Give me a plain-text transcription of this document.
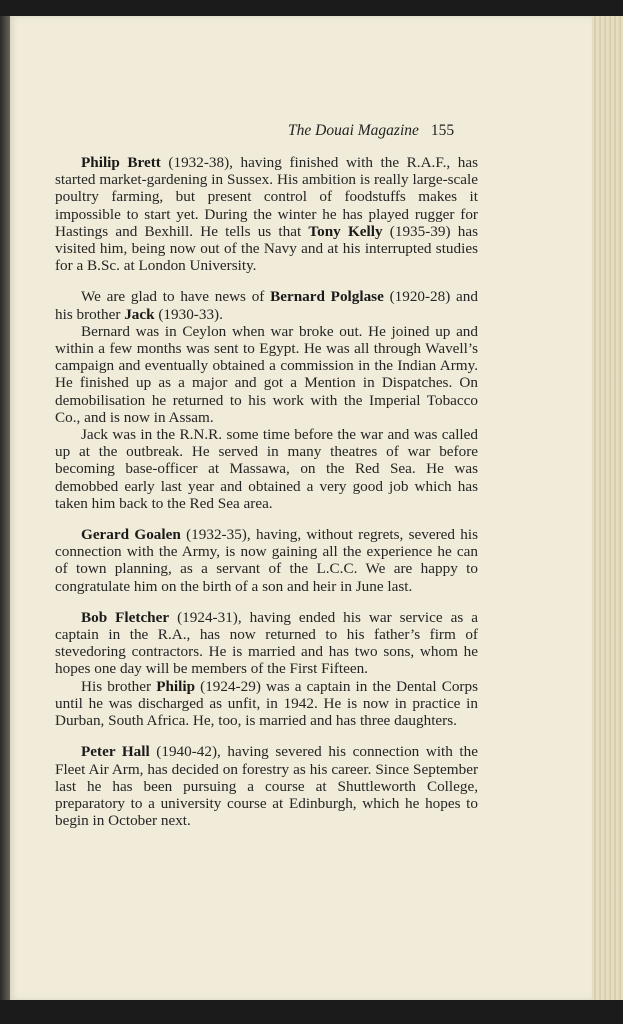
The Douai Magazine 155

Philip Brett (1932-38), having finished with the R.A.F., has started market-gardening in Sussex. His ambition is really large-scale poultry farming, but present control of foodstuffs makes it impossible to start yet. During the winter he has played rugger for Hastings and Bexhill. He tells us that Tony Kelly (1935-39) has visited him, being now out of the Navy and at his interrupted studies for a B.Sc. at London University.

We are glad to have news of Bernard Polglase (1920-28) and his brother Jack (1930-33).

Bernard was in Ceylon when war broke out. He joined up and within a few months was sent to Egypt. He was all through Wavell’s campaign and eventually obtained a commission in the Indian Army. He finished up as a major and got a Mention in Dispatches. On demobilisation he returned to his work with the Imperial Tobacco Co., and is now in Assam.

Jack was in the R.N.R. some time before the war and was called up at the outbreak. He served in many theatres of war before becoming base-officer at Massawa, on the Red Sea. He was demobbed early last year and obtained a very good job which has taken him back to the Red Sea area.

Gerard Goalen (1932-35), having, without regrets, severed his connection with the Army, is now gaining all the experience he can of town planning, as a servant of the L.C.C. We are happy to congratulate him on the birth of a son and heir in June last.

Bob Fletcher (1924-31), having ended his war service as a captain in the R.A., has now returned to his father’s firm of stevedoring contractors. He is married and has two sons, whom he hopes one day will be members of the First Fifteen.

His brother Philip (1924-29) was a captain in the Dental Corps until he was discharged as unfit, in 1942. He is now in practice in Durban, South Africa. He, too, is married and has three daughters.

Peter Hall (1940-42), having severed his connection with the Fleet Air Arm, has decided on forestry as his career. Since September last he has been pursuing a course at Shuttleworth College, preparatory to a university course at Edinburgh, which he hopes to begin in October next.
